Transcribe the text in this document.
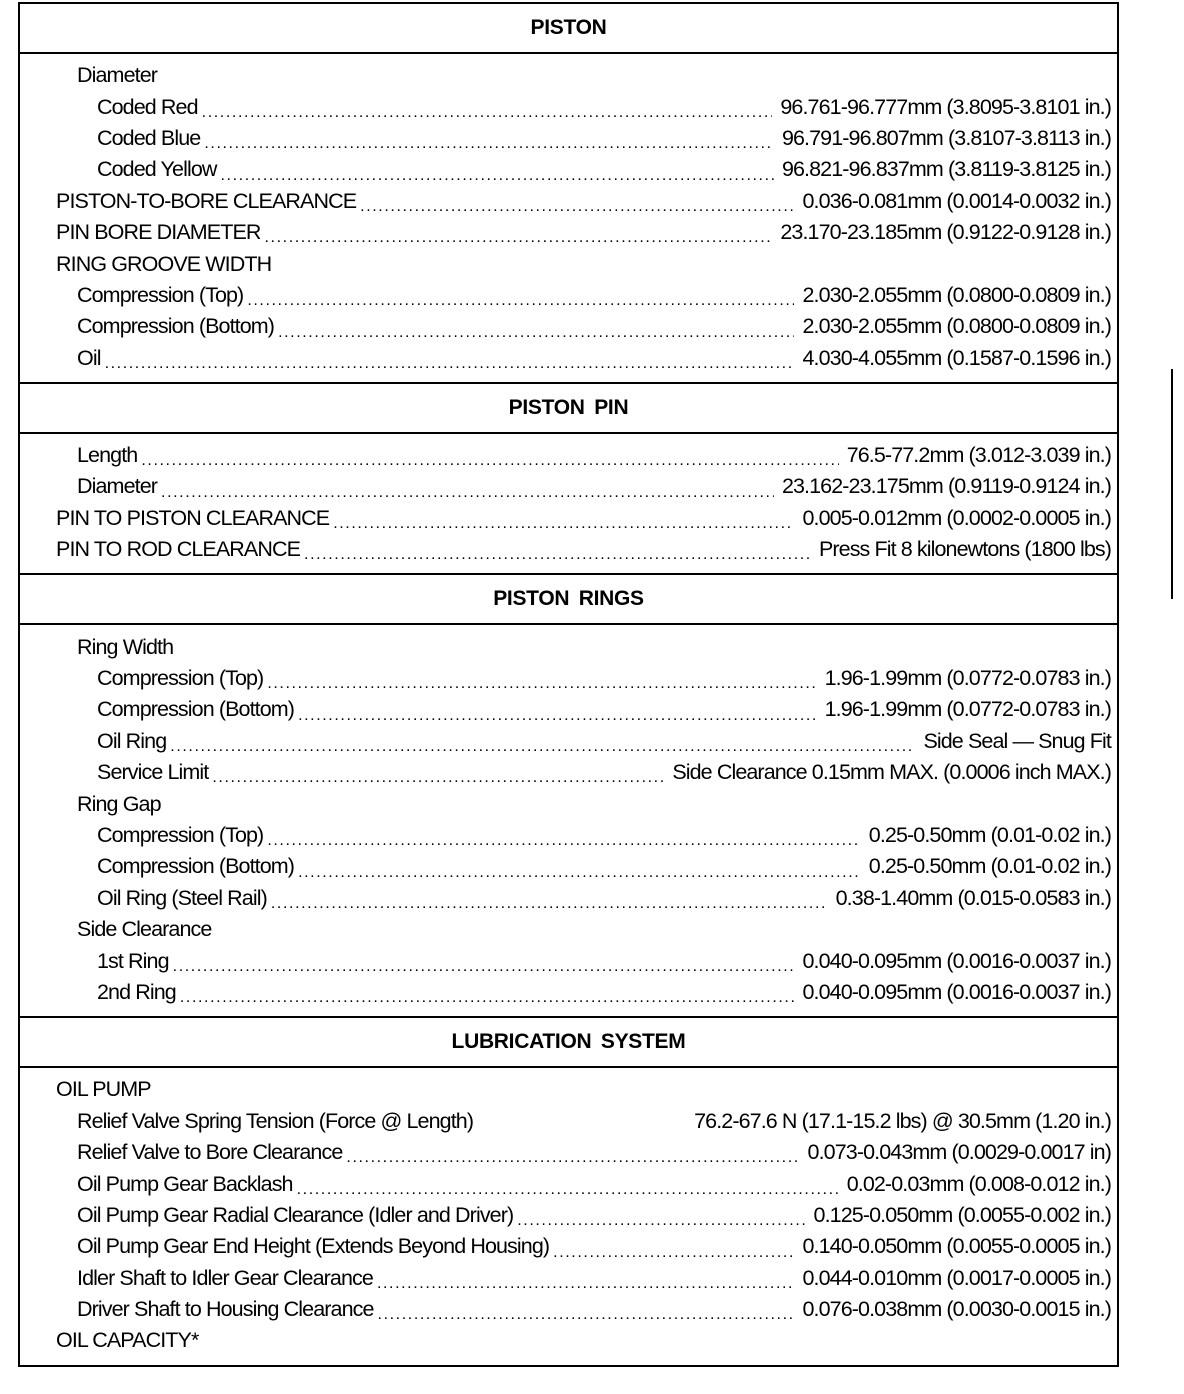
PISTON
Diameter
Coded Red .....	96.761-96.777mm (3.8095-3.8101 in.)
Coded Blue .....	96.791-96.807mm (3.8107-3.8113 in.)
Coded Yellow .....	96.821-96.837mm (3.8119-3.8125 in.)
PISTON-TO-BORE CLEARANCE .....	0.036-0.081mm (0.0014-0.0032 in.)
PIN BORE DIAMETER .....	23.170-23.185mm (0.9122-0.9128 in.)
RING GROOVE WIDTH
Compression (Top) .....	2.030-2.055mm (0.0800-0.0809 in.)
Compression (Bottom) .....	2.030-2.055mm (0.0800-0.0809 in.)
Oil .....	4.030-4.055mm (0.1587-0.1596 in.)
PISTON PIN
Length .....	76.5-77.2mm (3.012-3.039 in.)
Diameter .....	23.162-23.175mm (0.9119-0.9124 in.)
PIN TO PISTON CLEARANCE .....	0.005-0.012mm (0.0002-0.0005 in.)
PIN TO ROD CLEARANCE .....	Press Fit 8 kilonewtons (1800 lbs)
PISTON RINGS
Ring Width
Compression (Top) .....	1.96-1.99mm (0.0772-0.0783 in.)
Compression (Bottom) .....	1.96-1.99mm (0.0772-0.0783 in.)
Oil Ring .....	Side Seal — Snug Fit
Service Limit .....	Side Clearance 0.15mm MAX. (0.0006 inch MAX.)
Ring Gap
Compression (Top) .....	0.25-0.50mm (0.01-0.02 in.)
Compression (Bottom) .....	0.25-0.50mm (0.01-0.02 in.)
Oil Ring (Steel Rail) .....	0.38-1.40mm (0.015-0.0583 in.)
Side Clearance
1st Ring .....	0.040-0.095mm (0.0016-0.0037 in.)
2nd Ring .....	0.040-0.095mm (0.0016-0.0037 in.)
LUBRICATION SYSTEM
OIL PUMP
Relief Valve Spring Tension (Force @ Length)	76.2-67.6 N (17.1-15.2 lbs) @ 30.5mm (1.20 in.)
Relief Valve to Bore Clearance .....	0.073-0.043mm (0.0029-0.0017 in)
Oil Pump Gear Backlash .....	0.02-0.03mm (0.008-0.012 in.)
Oil Pump Gear Radial Clearance (Idler and Driver) .....	0.125-0.050mm (0.0055-0.002 in.)
Oil Pump Gear End Height (Extends Beyond Housing) .....	0.140-0.050mm (0.0055-0.0005 in.)
Idler Shaft to Idler Gear Clearance .....	0.044-0.010mm (0.0017-0.0005 in.)
Driver Shaft to Housing Clearance .....	0.076-0.038mm (0.0030-0.0015 in.)
OIL CAPACITY*
